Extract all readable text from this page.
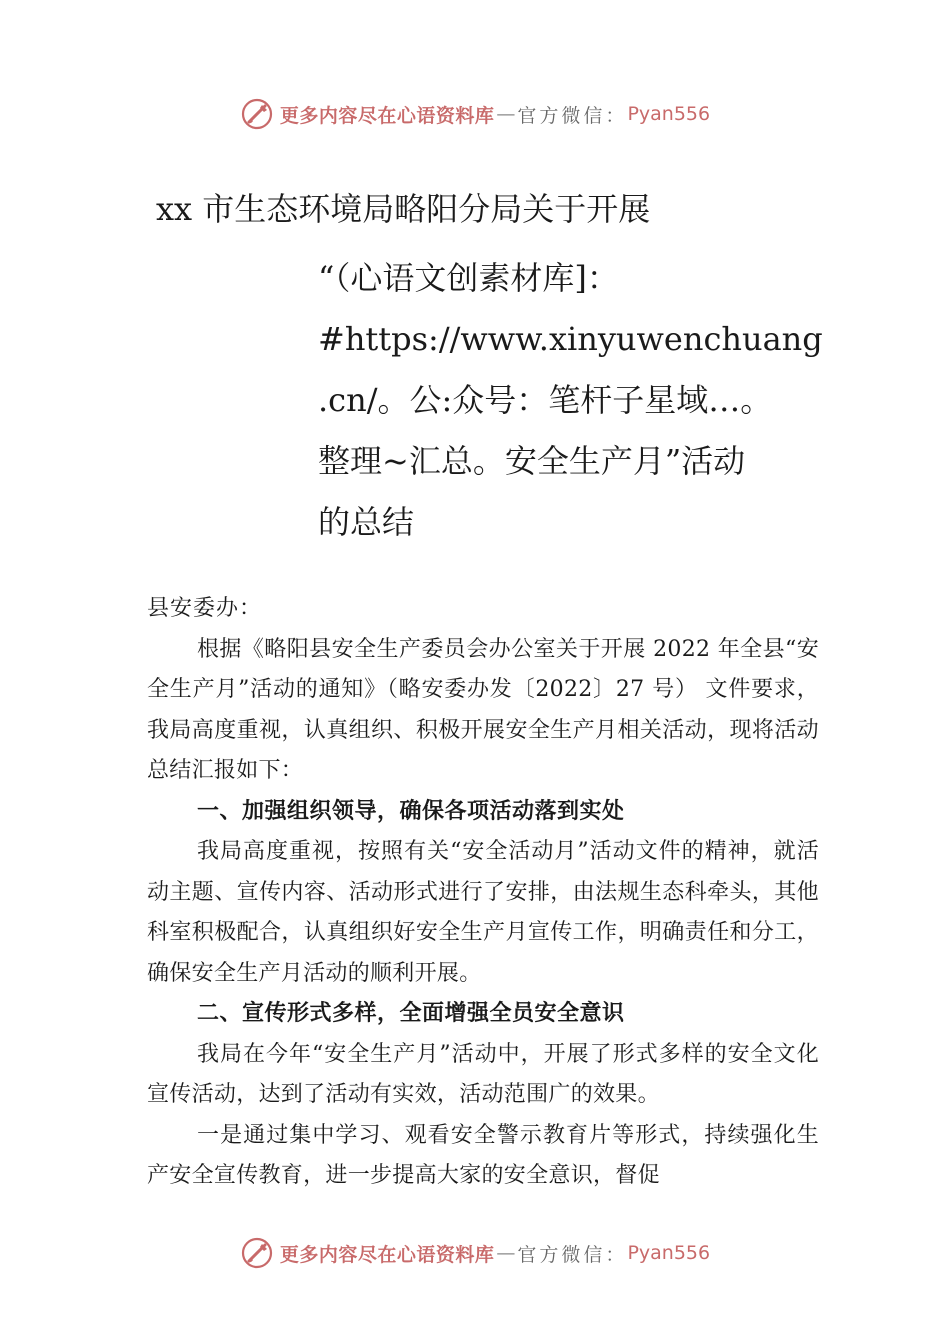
更多内容尽在心语资料库 — 官方微信： Pyan556
xx 市生态环境局略阳分局关于开展
“（心语文创素材库]：
#https://www.xinyuwenchuang
.cn/。公:众号：笔杆子星域…。
整理~汇总。安全生产月”活动
的总结

县安委办：

根据《略阳县安全生产委员会办公室关于开展 2022 年全县“安全生产月”活动的通知》（略安委办发〔2022〕27 号） 文件要求，我局高度重视，认真组织、积极开展安全生产月相关活动，现将活动总结汇报如下：

一、加强组织领导，确保各项活动落到实处

我局高度重视，按照有关“安全活动月”活动文件的精神，就活动主题、宣传内容、活动形式进行了安排，由法规生态科牵头，其他科室积极配合，认真组织好安全生产月宣传工作，明确责任和分工，确保安全生产月活动的顺利开展。

二、宣传形式多样，全面增强全员安全意识

我局在今年“安全生产月”活动中，开展了形式多样的安全文化宣传活动，达到了活动有实效，活动范围广的效果。

一是通过集中学习、观看安全警示教育片等形式，持续强化生产安全宣传教育，进一步提高大家的安全意识，督促

更多内容尽在心语资料库 — 官方微信： Pyan556
